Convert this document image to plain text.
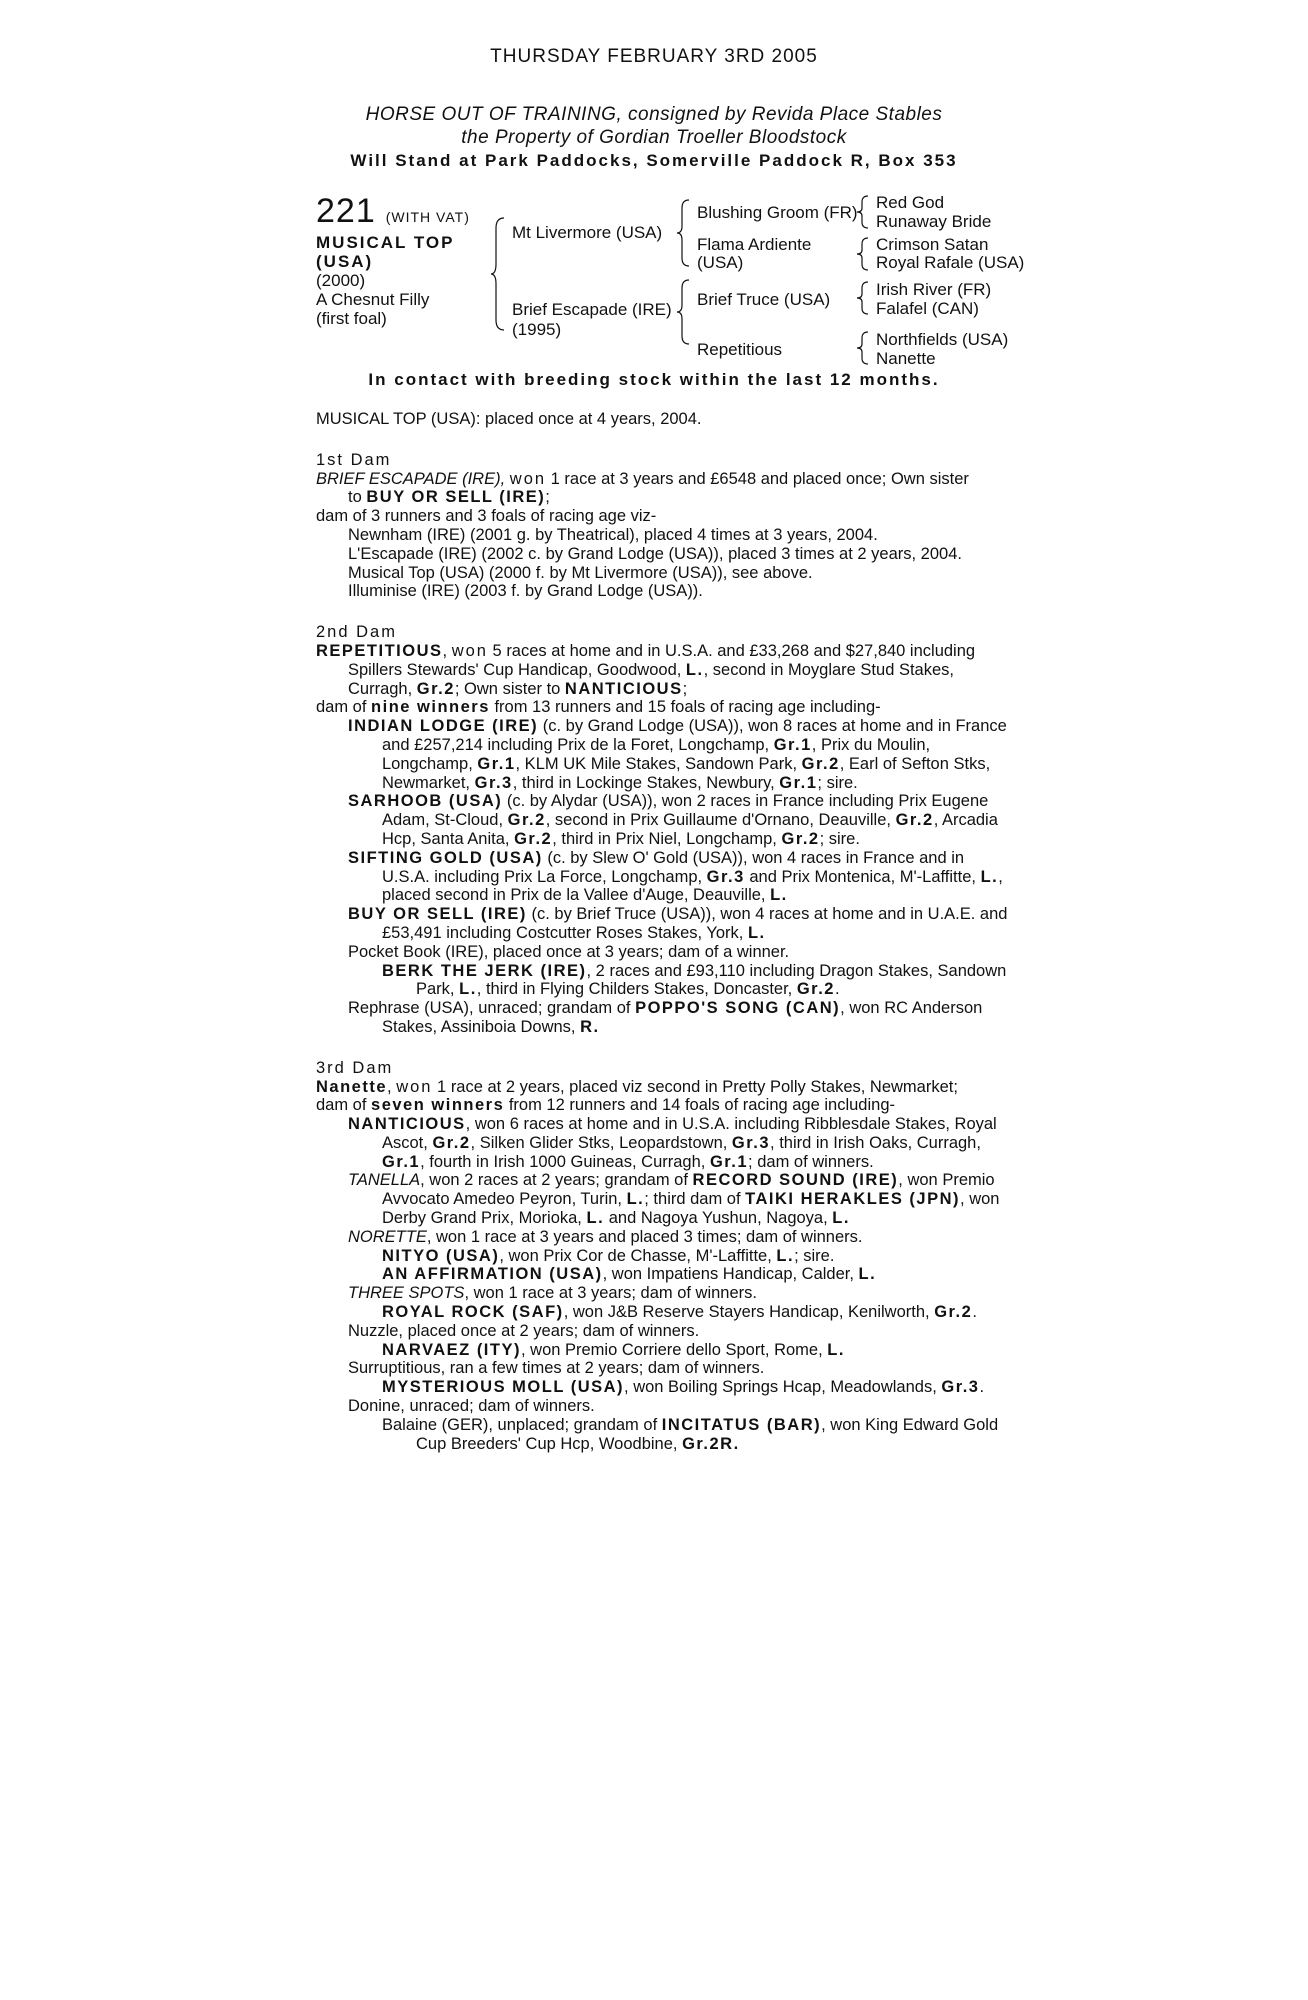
THURSDAY FEBRUARY 3RD 2005
HORSE OUT OF TRAINING, consigned by Revida Place Stables
the Property of Gordian Troeller Bloodstock
Will Stand at Park Paddocks, Somerville Paddock R, Box 353
221 (WITH VAT)
MUSICAL TOP
(USA)
(2000)
A Chesnut Filly
(first foal)
Mt Livermore (USA)
Brief Escapade (IRE)
(1995)
Blushing Groom (FR)
Flama Ardiente
(USA)
Brief Truce (USA)
Repetitious
Red God
Runaway Bride
Crimson Satan
Royal Rafale (USA)
Irish River (FR)
Falafel (CAN)
Northfields (USA)
Nanette
In contact with breeding stock within the last 12 months.

MUSICAL TOP (USA): placed once at 4 years, 2004.

1st Dam

BRIEF ESCAPADE (IRE), won 1 race at 3 years and £6548 and placed once; Own sister
to BUY OR SELL (IRE);

dam of 3 runners and 3 foals of racing age viz-

Newnham (IRE) (2001 g. by Theatrical), placed 4 times at 3 years, 2004.

L'Escapade (IRE) (2002 c. by Grand Lodge (USA)), placed 3 times at 2 years, 2004.

Musical Top (USA) (2000 f. by Mt Livermore (USA)), see above.

Illuminise (IRE) (2003 f. by Grand Lodge (USA)).

2nd Dam

REPETITIOUS, won 5 races at home and in U.S.A. and £33,268 and $27,840 including Spillers Stewards' Cup Handicap, Goodwood, L., second in Moyglare Stud Stakes, Curragh, Gr.2; Own sister to NANTICIOUS;

dam of nine winners from 13 runners and 15 foals of racing age including-

INDIAN LODGE (IRE) (c. by Grand Lodge (USA)), won 8 races at home and in France and £257,214 including Prix de la Foret, Longchamp, Gr.1, Prix du Moulin, Longchamp, Gr.1, KLM UK Mile Stakes, Sandown Park, Gr.2, Earl of Sefton Stks, Newmarket, Gr.3, third in Lockinge Stakes, Newbury, Gr.1; sire.

SARHOOB (USA) (c. by Alydar (USA)), won 2 races in France including Prix Eugene Adam, St-Cloud, Gr.2, second in Prix Guillaume d'Ornano, Deauville, Gr.2, Arcadia Hcp, Santa Anita, Gr.2, third in Prix Niel, Longchamp, Gr.2; sire.

SIFTING GOLD (USA) (c. by Slew O' Gold (USA)), won 4 races in France and in U.S.A. including Prix La Force, Longchamp, Gr.3 and Prix Montenica, M'-Laffitte, L., placed second in Prix de la Vallee d'Auge, Deauville, L.

BUY OR SELL (IRE) (c. by Brief Truce (USA)), won 4 races at home and in U.A.E. and £53,491 including Costcutter Roses Stakes, York, L.

Pocket Book (IRE), placed once at 3 years; dam of a winner.

BERK THE JERK (IRE), 2 races and £93,110 including Dragon Stakes, Sandown Park, L., third in Flying Childers Stakes, Doncaster, Gr.2.

Rephrase (USA), unraced; grandam of POPPO'S SONG (CAN), won RC Anderson Stakes, Assiniboia Downs, R.

3rd Dam

Nanette, won 1 race at 2 years, placed viz second in Pretty Polly Stakes, Newmarket;

dam of seven winners from 12 runners and 14 foals of racing age including-

NANTICIOUS, won 6 races at home and in U.S.A. including Ribblesdale Stakes, Royal Ascot, Gr.2, Silken Glider Stks, Leopardstown, Gr.3, third in Irish Oaks, Curragh, Gr.1, fourth in Irish 1000 Guineas, Curragh, Gr.1; dam of winners.

TANELLA, won 2 races at 2 years; grandam of RECORD SOUND (IRE), won Premio Avvocato Amedeo Peyron, Turin, L.; third dam of TAIKI HERAKLES (JPN), won Derby Grand Prix, Morioka, L. and Nagoya Yushun, Nagoya, L.

NORETTE, won 1 race at 3 years and placed 3 times; dam of winners.

NITYO (USA), won Prix Cor de Chasse, M'-Laffitte, L.; sire.

AN AFFIRMATION (USA), won Impatiens Handicap, Calder, L.

THREE SPOTS, won 1 race at 3 years; dam of winners.

ROYAL ROCK (SAF), won J&B Reserve Stayers Handicap, Kenilworth, Gr.2.

Nuzzle, placed once at 2 years; dam of winners.

NARVAEZ (ITY), won Premio Corriere dello Sport, Rome, L.

Surruptitious, ran a few times at 2 years; dam of winners.

MYSTERIOUS MOLL (USA), won Boiling Springs Hcap, Meadowlands, Gr.3.

Donine, unraced; dam of winners.

Balaine (GER), unplaced; grandam of INCITATUS (BAR), won King Edward Gold Cup Breeders' Cup Hcp, Woodbine, Gr.2R.
